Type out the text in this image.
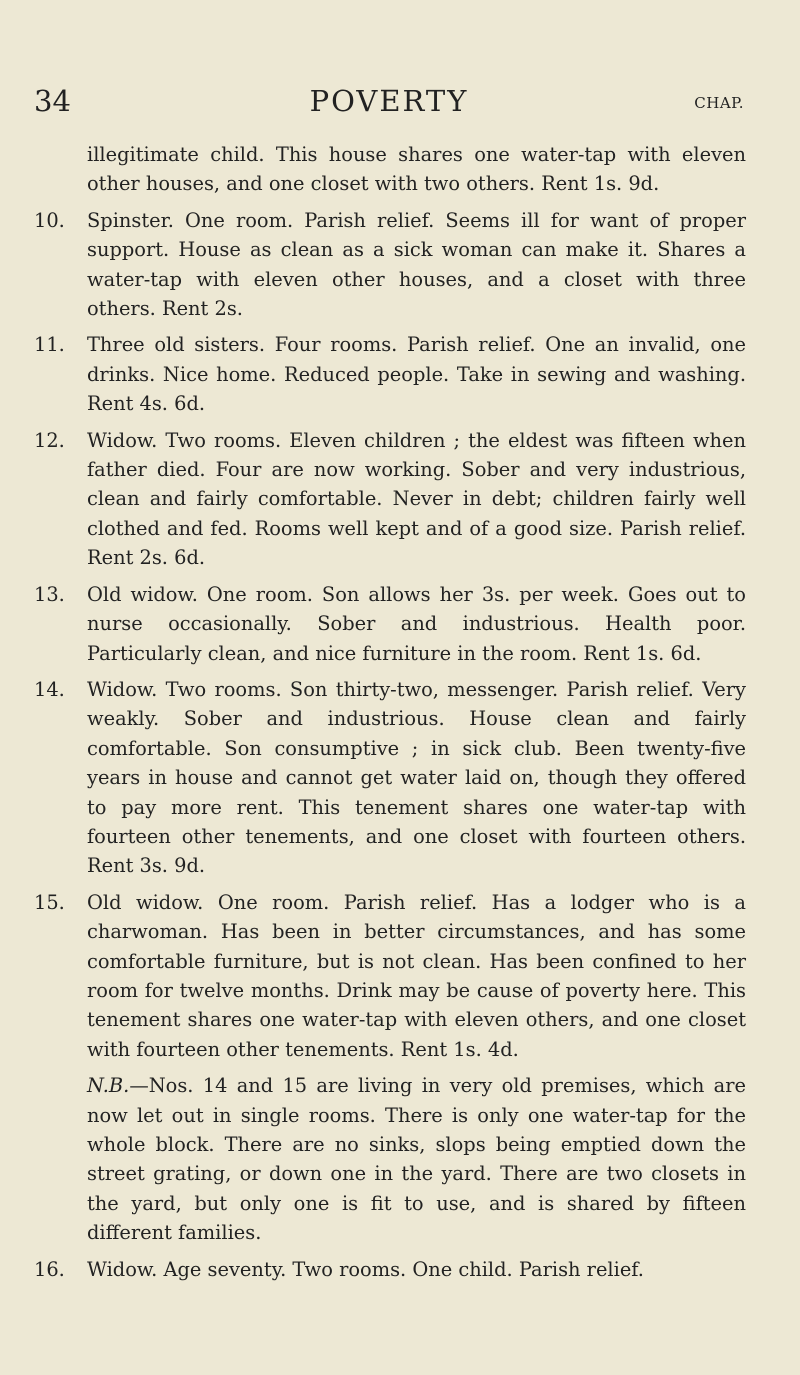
34	POVERTY	CHAP.

illegitimate child. This house shares one water-tap with eleven other houses, and one closet with two others. Rent 1s. 9d.

10. Spinster. One room. Parish relief. Seems ill for want of proper support. House as clean as a sick woman can make it. Shares a water-tap with eleven other houses, and a closet with three others. Rent 2s.
11. Three old sisters. Four rooms. Parish relief. One an invalid, one drinks. Nice home. Reduced people. Take in sewing and washing. Rent 4s. 6d.
12. Widow. Two rooms. Eleven children ; the eldest was fifteen when father died. Four are now working. Sober and very industrious, clean and fairly comfortable. Never in debt; children fairly well clothed and fed. Rooms well kept and of a good size. Parish relief. Rent 2s. 6d.
13. Old widow. One room. Son allows her 3s. per week. Goes out to nurse occasionally. Sober and industrious. Health poor. Particularly clean, and nice furniture in the room. Rent 1s. 6d.
14. Widow. Two rooms. Son thirty-two, messenger. Parish relief. Very weakly. Sober and industrious. House clean and fairly comfortable. Son consumptive ; in sick club. Been twenty-five years in house and cannot get water laid on, though they offered to pay more rent. This tenement shares one water-tap with fourteen other tenements, and one closet with fourteen others. Rent 3s. 9d.
15. Old widow. One room. Parish relief. Has a lodger who is a charwoman. Has been in better circumstances, and has some comfortable furniture, but is not clean. Has been confined to her room for twelve months. Drink may be cause of poverty here. This tenement shares one water-tap with eleven others, and one closet with fourteen other tenements. Rent 1s. 4d.

N.B.—Nos. 14 and 15 are living in very old premises, which are now let out in single rooms. There is only one water-tap for the whole block. There are no sinks, slops being emptied down the street grating, or down one in the yard. There are two closets in the yard, but only one is fit to use, and is shared by fifteen different families.

16. Widow. Age seventy. Two rooms. One child. Parish relief.
